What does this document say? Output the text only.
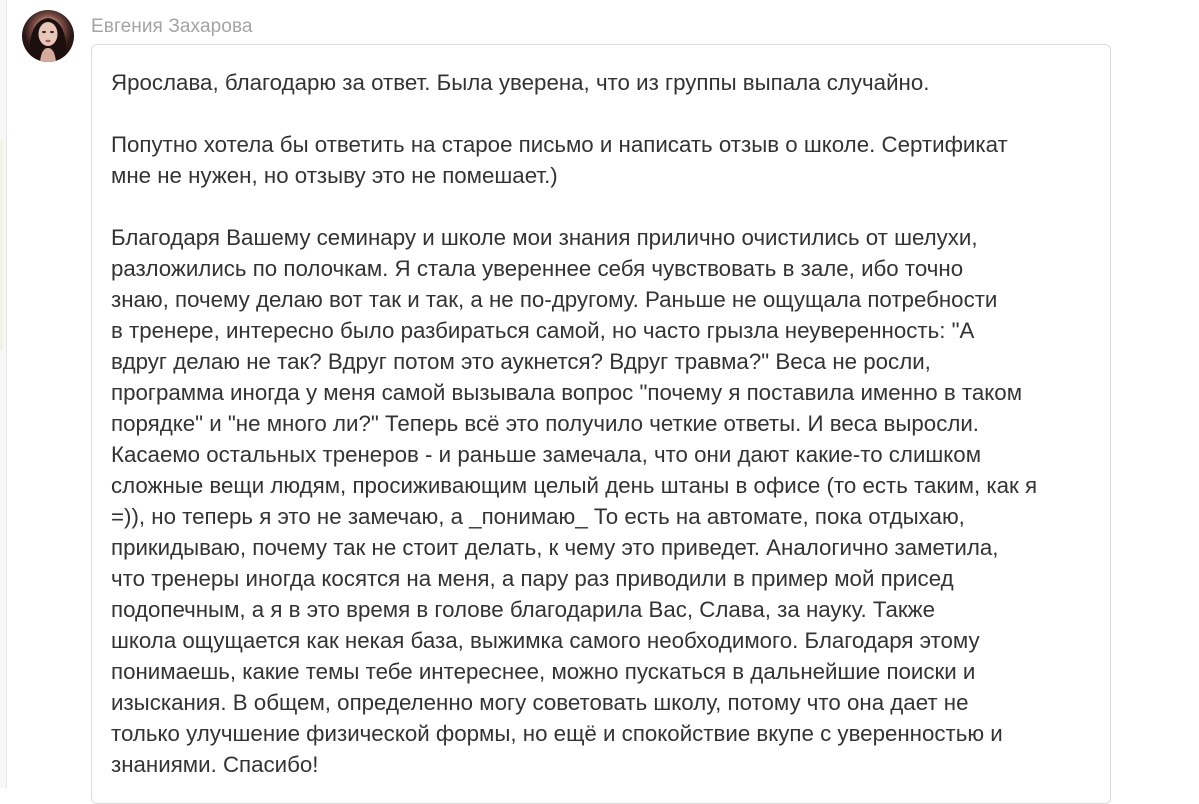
Евгения Захарова

Ярослава, благодарю за ответ. Была уверена, что из группы выпала случайно.

Попутно хотела бы ответить на старое письмо и написать отзыв о школе. Сертификат
мне не нужен, но отзыву это не помешает.)

Благодаря Вашему семинару и школе мои знания прилично очистились от шелухи,
разложились по полочкам. Я стала увереннее себя чувствовать в зале, ибо точно
знаю, почему делаю вот так и так, а не по-другому. Раньше не ощущала потребности
в тренере, интересно было разбираться самой, но часто грызла неуверенность: "А
вдруг делаю не так? Вдруг потом это аукнется? Вдруг травма?" Веса не росли,
программа иногда у меня самой вызывала вопрос "почему я поставила именно в таком
порядке" и "не много ли?" Теперь всё это получило четкие ответы. И веса выросли.
Касаемо остальных тренеров - и раньше замечала, что они дают какие-то слишком
сложные вещи людям, просиживающим целый день штаны в офисе (то есть таким, как я
=)), но теперь я это не замечаю, а _понимаю_ То есть на автомате, пока отдыхаю,
прикидываю, почему так не стоит делать, к чему это приведет. Аналогично заметила,
что тренеры иногда косятся на меня, а пару раз приводили в пример мой присед
подопечным, а я в это время в голове благодарила Вас, Слава, за науку. Также
школа ощущается как некая база, выжимка самого необходимого. Благодаря этому
понимаешь, какие темы тебе интереснее, можно пускаться в дальнейшие поиски и
изыскания. В общем, определенно могу советовать школу, потому что она дает не
только улучшение физической формы, но ещё и спокойствие вкупе с уверенностью и
знаниями. Спасибо!
